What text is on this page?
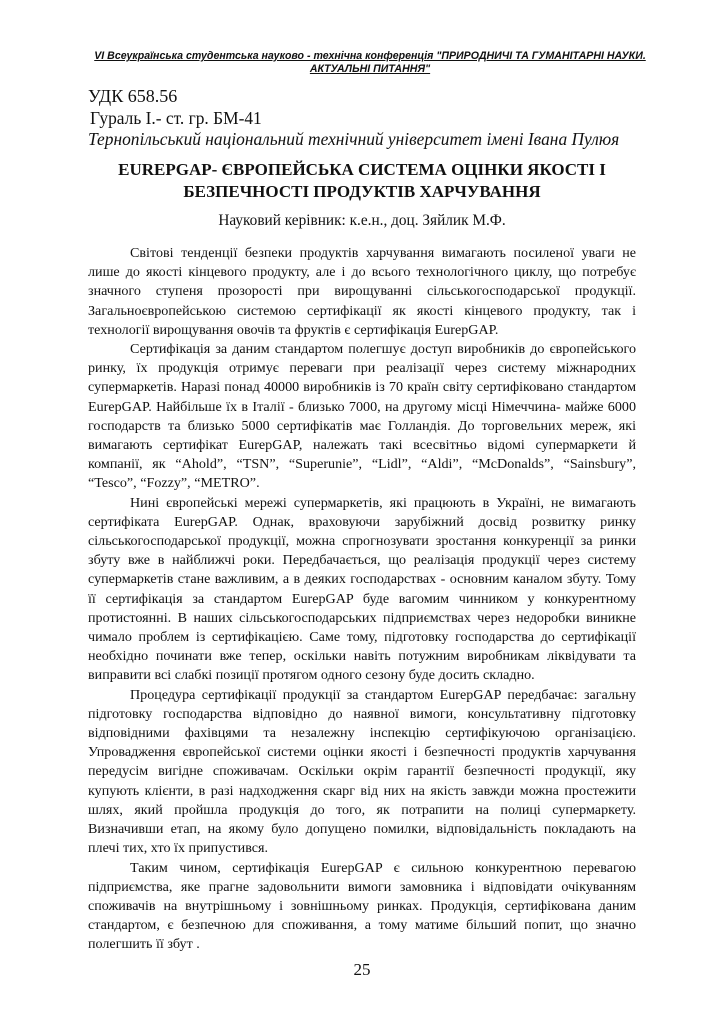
VI Всеукраїнська студентська науково - технічна конференція "ПРИРОДНИЧІ ТА ГУМАНІТАРНІ НАУКИ. АКТУАЛЬНІ ПИТАННЯ"
УДК 658.56
Гураль І.- ст. гр. БМ-41
Тернопільський національний технічний університет імені Івана Пулюя
EUREPGAP- ЄВРОПЕЙСЬКА СИСТЕМА ОЦІНКИ ЯКОСТІ І БЕЗПЕЧНОСТІ ПРОДУКТІВ ХАРЧУВАННЯ
Науковий керівник: к.е.н., доц. Зяйлик М.Ф.

Світові тенденції безпеки продуктів харчування вимагають посиленої уваги не лише до якості кінцевого продукту, але і до всього технологічного циклу, що потребує значного ступеня прозорості при вирощуванні сільськогосподарської продукції. Загальноєвропейською системою сертифікації як якості кінцевого продукту, так і технології вирощування овочів та фруктів є сертифікація EurepGAP.

Сертифікація за даним стандартом полегшує доступ виробників до європейського ринку, їх продукція отримує переваги при реалізації через систему міжнародних супермаркетів. Наразі понад 40000 виробників із 70 країн світу сертифіковано стандартом EurepGAP. Найбільше їх в Італії - близько 7000, на другому місці Німеччина- майже 6000 господарств та близько 5000 сертифікатів має Голландія. До торговельних мереж, які вимагають сертифікат EurepGAP, належать такі всесвітньо відомі супермаркети й компанії, як “Ahold”, “TSN”, “Superunie”, “Lidl”, “Aldi”, “McDonalds”, “Sainsbury”, “Tesco”, “Fozzy”, “METRO”.

Нині європейські мережі супермаркетів, які працюють в Україні, не вимагають сертифіката EurepGAP. Однак, враховуючи зарубіжний досвід розвитку ринку сільськогосподарської продукції, можна спрогнозувати зростання конкуренції за ринки збуту вже в найближчі роки. Передбачається, що реалізація продукції через систему супермаркетів стане важливим, а в деяких господарствах - основним каналом збуту. Тому її сертифікація за стандартом EurepGAP буде вагомим чинником у конкурентному протистоянні. В наших сільськогосподарських підприємствах через недоробки виникне чимало проблем із сертифікацією. Саме тому, підготовку господарства до сертифікації необхідно починати вже тепер, оскільки навіть потужним виробникам ліквідувати та виправити всі слабкі позиції протягом одного сезону буде досить складно.

Процедура сертифікації продукції за стандартом EurepGAP передбачає: загальну підготовку господарства відповідно до наявної вимоги, консультативну підготовку відповідними фахівцями та незалежну інспекцію сертифікуючою організацією. Упровадження європейської системи оцінки якості і безпечності продуктів харчування передусім вигідне споживачам. Оскільки окрім гарантії безпечності продукції, яку купують клієнти, в разі надходження скарг від них на якість завжди можна простежити шлях, який пройшла продукція до того, як потрапити на полиці супермаркету. Визначивши етап, на якому було допущено помилки, відповідальність покладають на плечі тих, хто їх припустився.

Таким чином, сертифікація EurepGAP є сильною конкурентною перевагою підприємства, яке прагне задовольнити вимоги замовника і відповідати очікуванням споживачів на внутрішньому і зовнішньому ринках. Продукція, сертифікована даним стандартом, є безпечною для споживання, а тому матиме більший попит, що значно полегшить її збут .

25
